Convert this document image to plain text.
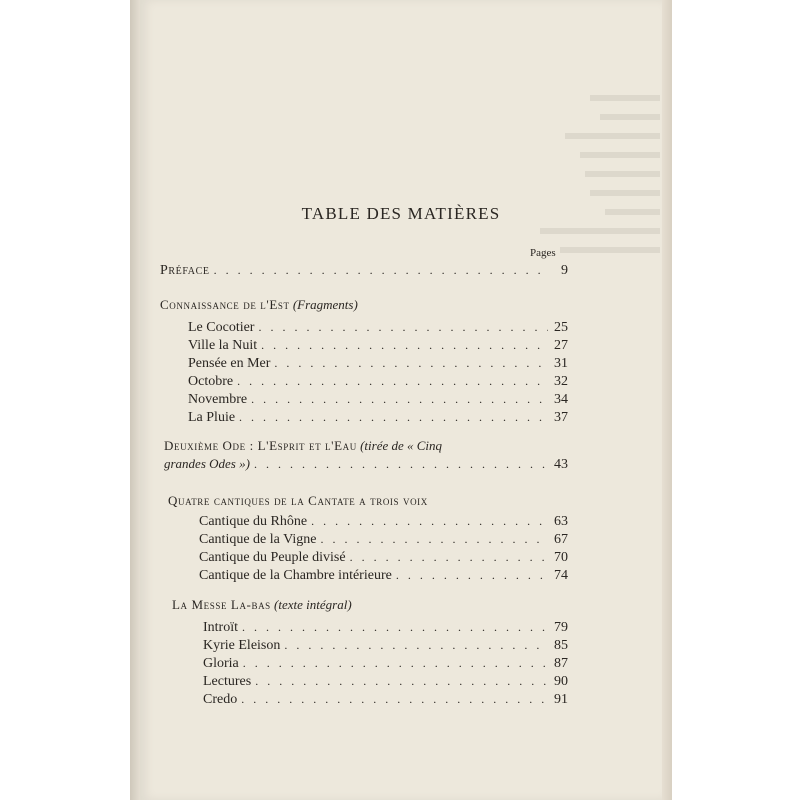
TABLE DES MATIÈRES
Pages
Préface . . .	9
Connaissance de l'Est (Fragments)
Le Cocotier . . .	25
Ville la Nuit . . .	27
Pensée en Mer . . .	31
Octobre . . .	32
Novembre . . .	34
La Pluie . . .	37
Deuxième Ode : L'Esprit et l'Eau (tirée de « Cinq
grandes Odes ») . . .	43
Quatre cantiques de la Cantate a trois voix
Cantique du Rhône . . .	63
Cantique de la Vigne . . .	67
Cantique du Peuple divisé . . .	70
Cantique de la Chambre intérieure . . .	74
La Messe La-bas (texte intégral)
Introït . . .	79
Kyrie Eleison . . .	85
Gloria . . .	87
Lectures . . .	90
Credo . . .	91
